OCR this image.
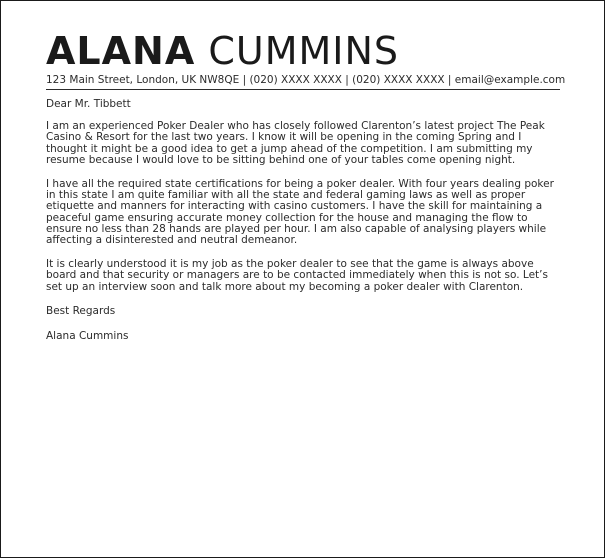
ALANA CUMMINS
123 Main Street, London, UK NW8QE | (020) XXXX XXXX | (020) XXXX XXXX | email@example.com

Dear Mr. Tibbett

I am an experienced Poker Dealer who has closely followed Clarenton’s latest project The Peak Casino & Resort for the last two years. I know it will be opening in the coming Spring and I thought it might be a good idea to get a jump ahead of the competition. I am submitting my resume because I would love to be sitting behind one of your tables come opening night.

I have all the required state certifications for being a poker dealer. With four years dealing poker in this state I am quite familiar with all the state and federal gaming laws as well as proper etiquette and manners for interacting with casino customers. I have the skill for maintaining a peaceful game ensuring accurate money collection for the house and managing the flow to ensure no less than 28 hands are played per hour. I am also capable of analysing players while affecting a disinterested and neutral demeanor.

It is clearly understood it is my job as the poker dealer to see that the game is always above board and that security or managers are to be contacted immediately when this is not so. Let’s set up an interview soon and talk more about my becoming a poker dealer with Clarenton.

Best Regards

Alana Cummins
